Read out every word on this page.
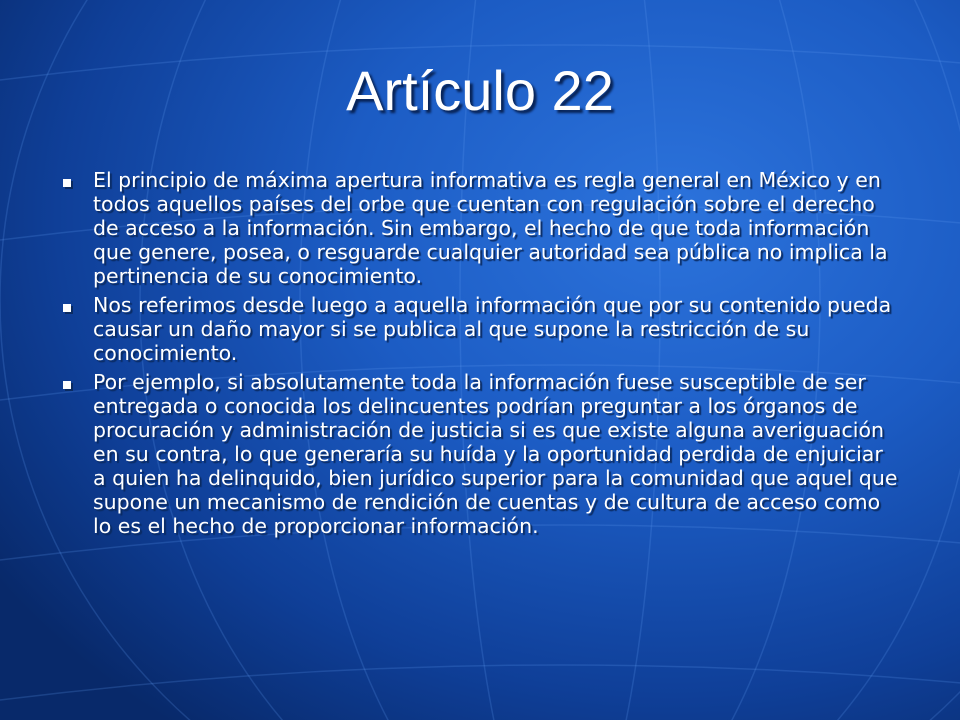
Artículo 22
El principio de máxima apertura informativa es regla general en México y en todos aquellos países del orbe que cuentan con regulación sobre el derecho de acceso a la información. Sin embargo, el hecho de que toda información que genere, posea, o resguarde cualquier autoridad sea pública no implica la pertinencia de su conocimiento.
Nos referimos desde luego a aquella información que por su contenido pueda causar un daño mayor si se publica al que supone la restricción de su conocimiento.
Por ejemplo, si absolutamente toda la información fuese susceptible de ser entregada o conocida los delincuentes podrían preguntar a los órganos de procuración y administración de justicia si es que existe alguna averiguación en su contra, lo que generaría su huída y la oportunidad perdida de enjuiciar a quien ha delinquido, bien jurídico superior para la comunidad que aquel que supone un mecanismo de rendición de cuentas y de cultura de acceso como lo es el hecho de proporcionar información.
